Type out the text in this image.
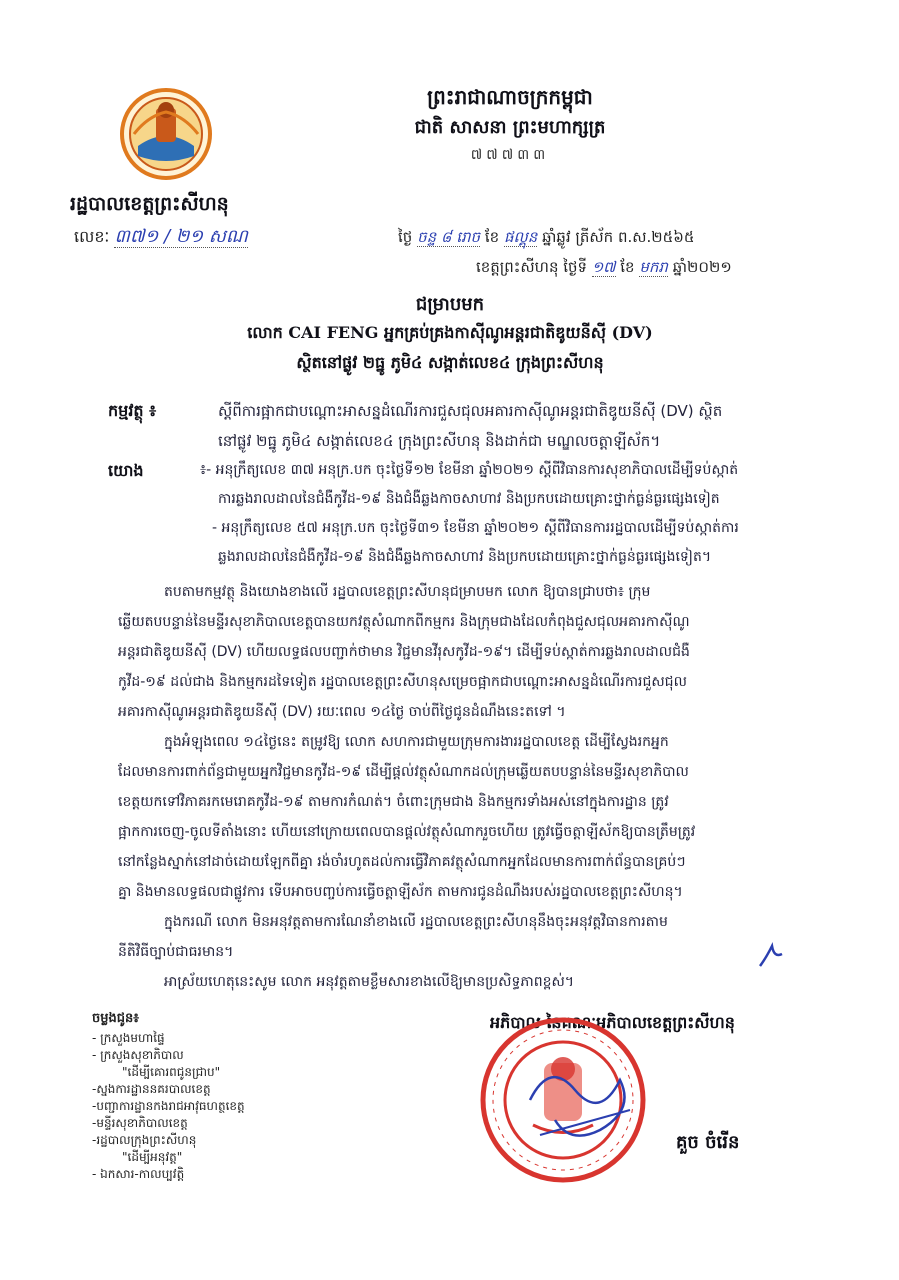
ព្រះរាជាណាចក្រកម្ពុជា
ជាតិ សាសនា ព្រះមហាក្សត្រ
៧៧៧៣៣
រដ្ឋបាលខេត្តព្រះសីហនុ
លេខៈ ៣៧១ / ២១ សណ	ថ្ងៃ ចន្ទ ៨ រោច ខែ ផល្គុន ឆ្នាំឆ្លូវ ត្រីស័ក ព.ស.២៥៦៥
ខេត្តព្រះសីហនុ ថ្ងៃទី ១៧ ខែ មករា ឆ្នាំ២០២១
ជម្រាបមក
លោក CAI FENG អ្នកគ្រប់គ្រងកាស៊ីណូអន្តរជាតិឌូយនីស៊ី (DV)
ស្ថិតនៅផ្លូវ ២ធ្នូ ភូមិ៤ សង្កាត់លេខ៤ ក្រុងព្រះសីហនុ
កម្មវត្ថុ ៖	ស្តីពីការផ្អាកជាបណ្តោះអាសន្នដំណើរការជួសជុលអគារកាស៊ីណូអន្តរជាតិឌូយនីស៊ី (DV) ស្ថិត
នៅផ្លូវ ២ធ្នូ ភូមិ៤ សង្កាត់លេខ៤ ក្រុងព្រះសីហនុ និងដាក់ជា មណ្ឌលចត្តាឡីស័ក។
យោង	៖- អនុក្រឹត្យលេខ ៣៧ អនុក្រ.បក ចុះថ្ងៃទី១២ ខែមីនា ឆ្នាំ២០២១ ស្តីពីវិធានការសុខាភិបាលដើម្បីទប់ស្កាត់
ការឆ្លងរាលដាលនៃជំងឺកូវីដ-១៩ និងជំងឺឆ្លងកាចសាហាវ និងប្រកបដោយគ្រោះថ្នាក់ធ្ងន់ធ្ងរផ្សេងទៀត
- អនុក្រឹត្យលេខ ៥៧ អនុក្រ.បក ចុះថ្ងៃទី៣១ ខែមីនា ឆ្នាំ២០២១ ស្តីពីវិធានការរដ្ឋបាលដើម្បីទប់ស្កាត់ការ
ឆ្លងរាលដាលនៃជំងឺកូវីដ-១៩ និងជំងឺឆ្លងកាចសាហាវ និងប្រកបដោយគ្រោះថ្នាក់ធ្ងន់ធ្ងរផ្សេងទៀត។
តបតាមកម្មវត្ថុ និងយោងខាងលើ រដ្ឋបាលខេត្តព្រះសីហនុជម្រាបមក លោក ឱ្យបានជ្រាបថា៖ ក្រុម
ឆ្លើយតបបន្ទាន់នៃមន្ទីរសុខាភិបាលខេត្តបានយកវត្ថុសំណាកពីកម្មករ និងក្រុមជាងដែលកំពុងជួសជុលអគារកាស៊ីណូ
អន្តរជាតិឌូយនីស៊ី (DV) ហើយលទ្ធផលបញ្ជាក់ថាមាន វិជ្ជមានវីរុសកូវីដ-១៩។ ដើម្បីទប់ស្កាត់ការឆ្លងរាលដាលជំងឺ
កូវីដ-១៩ ដល់ជាង និងកម្មករដទៃទៀត រដ្ឋបាលខេត្តព្រះសីហនុសម្រេចផ្អាកជាបណ្តោះអាសន្នដំណើរការជួសជុល
អគារកាស៊ីណូអន្តរជាតិឌូយនីស៊ី (DV) រយៈពេល ១៤ថ្ងៃ ចាប់ពីថ្ងៃជូនដំណឹងនេះតទៅ ។
ក្នុងអំឡុងពេល ១៤ថ្ងៃនេះ តម្រូវឱ្យ លោក សហការជាមួយក្រុមការងាររដ្ឋបាលខេត្ត ដើម្បីស្វែងរកអ្នក
ដែលមានការពាក់ព័ន្ធជាមួយអ្នកវិជ្ជមានកូវីដ-១៩ ដើម្បីផ្តល់វត្ថុសំណាកដល់ក្រុមឆ្លើយតបបន្ទាន់នៃមន្ទីរសុខាភិបាល
ខេត្តយកទៅវិភាគរកមេរោគកូវីដ-១៩ តាមការកំណត់។ ចំពោះក្រុមជាង និងកម្មករទាំងអស់នៅក្នុងការដ្ឋាន ត្រូវ
ផ្អាកការចេញ-ចូលទីតាំងនោះ ហើយនៅក្រោយពេលបានផ្តល់វត្ថុសំណាករួចហើយ ត្រូវធ្វើចត្តាឡីស័កឱ្យបានត្រឹមត្រូវ
នៅកន្លែងស្នាក់នៅដាច់ដោយឡែកពីគ្នា រង់ចាំរហូតដល់ការធ្វើវិភាគវត្ថុសំណាកអ្នកដែលមានការពាក់ព័ន្ធបានគ្រប់ៗ
គ្នា និងមានលទ្ធផលជាផ្លូវការ ទើបអាចបញ្ចប់ការធ្វើចត្តាឡីស័ក តាមការជូនដំណឹងរបស់រដ្ឋបាលខេត្តព្រះសីហនុ។
ក្នុងករណី លោក មិនអនុវត្តតាមការណែនាំខាងលើ រដ្ឋបាលខេត្តព្រះសីហនុនឹងចុះអនុវត្តវិធានការតាម
នីតិវិធីច្បាប់ជាធរមាន។
អាស្រ័យហេតុនេះសូម លោក អនុវត្តតាមខ្លឹមសារខាងលើឱ្យមានប្រសិទ្ធភាពខ្ពស់។
អភិបាល នៃគណៈអភិបាលខេត្តព្រះសីហនុ
គួច ចំរើន
ចម្លងជូន៖
- ក្រសួងមហាផ្ទៃ
- ក្រសួងសុខាភិបាល
"ដើម្បីគោរពជូនជ្រាប"
-ស្នងការដ្ឋាននគរបាលខេត្ត
-បញ្ជាការដ្ឋានកងរាជអាវុធហត្ថខេត្ត
-មន្ទីរសុខាភិបាលខេត្ត
-រដ្ឋបាលក្រុងព្រះសីហនុ
"ដើម្បីអនុវត្ត"
- ឯកសារ-កាលប្បវត្តិ
